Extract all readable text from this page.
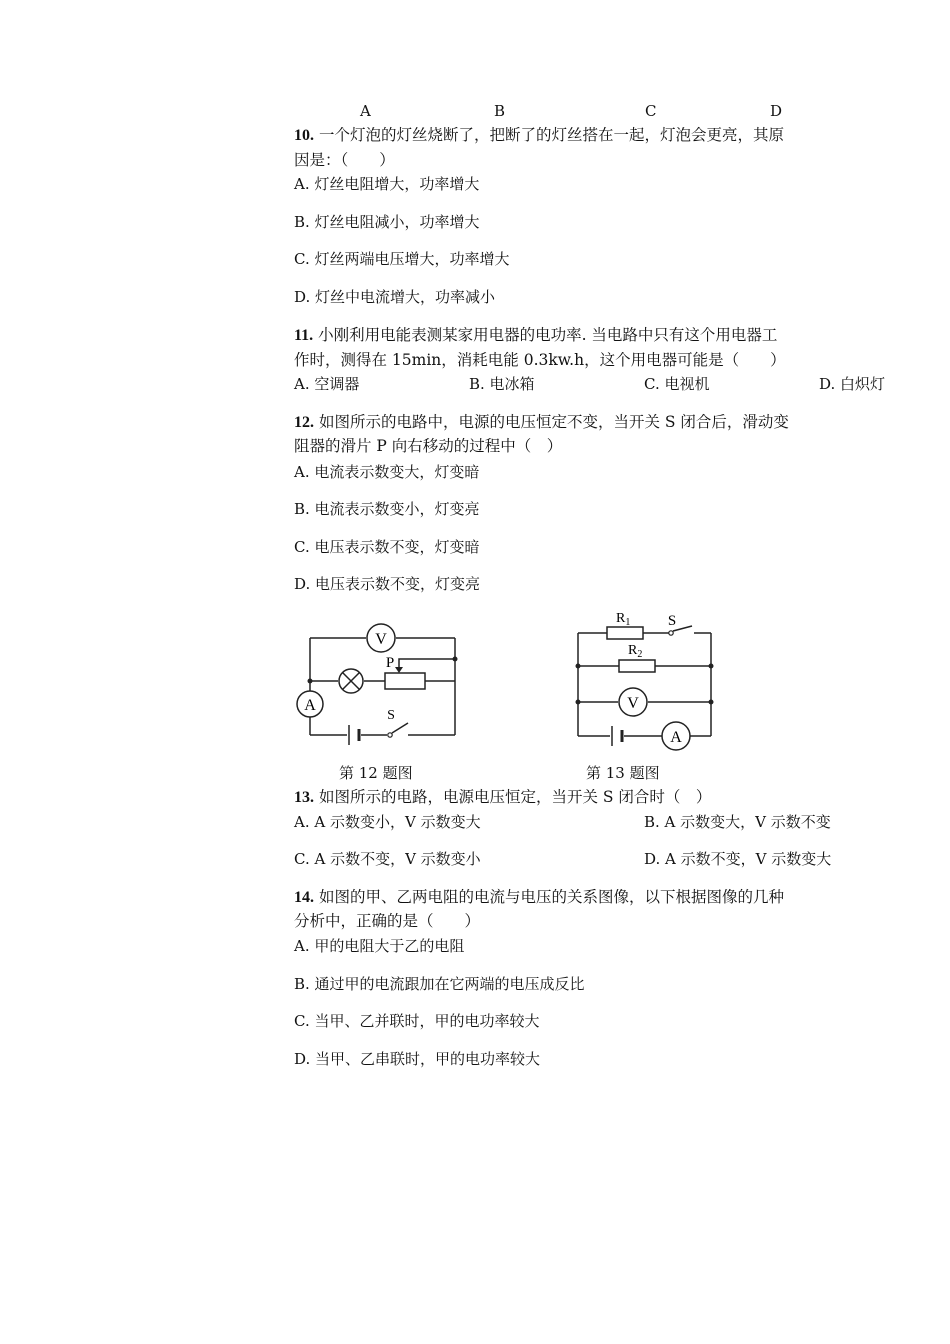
A	B	C	D
10. 一个灯泡的灯丝烧断了，把断了的灯丝搭在一起，灯泡会更亮，其原
因是：（　　）
A. 灯丝电阻增大，功率增大
B. 灯丝电阻减小，功率增大
C. 灯丝两端电压增大，功率增大
D. 灯丝中电流增大，功率减小
11. 小刚利用电能表测某家用电器的电功率. 当电路中只有这个用电器工
作时，测得在 15min，消耗电能 0.3kw.h，这个用电器可能是（　　）
A. 空调器	B. 电冰箱	C. 电视机	D. 白炽灯
12. 如图所示的电路中，电源的电压恒定不变，当开关 S 闭合后，滑动变
阻器的滑片 P 向右移动的过程中（　）
A. 电流表示数变大，灯变暗
B. 电流表示数变小，灯变亮
C. 电压表示数不变，灯变暗
D. 电压表示数不变，灯变亮
V
P
A
S
第 12 题图
$R_1$
$R_2$
S
V
A
第 13 题图
13. 如图所示的电路，电源电压恒定，当开关 S 闭合时（　）
A. A 示数变小，V 示数变大	B. A 示数变大，V 示数不变
C. A 示数不变，V 示数变小	D. A 示数不变，V 示数变大
14. 如图的甲、乙两电阻的电流与电压的关系图像，以下根据图像的几种
分析中，正确的是（　　）
A. 甲的电阻大于乙的电阻
B. 通过甲的电流跟加在它两端的电压成反比
C. 当甲、乙并联时，甲的电功率较大
D. 当甲、乙串联时，甲的电功率较大
